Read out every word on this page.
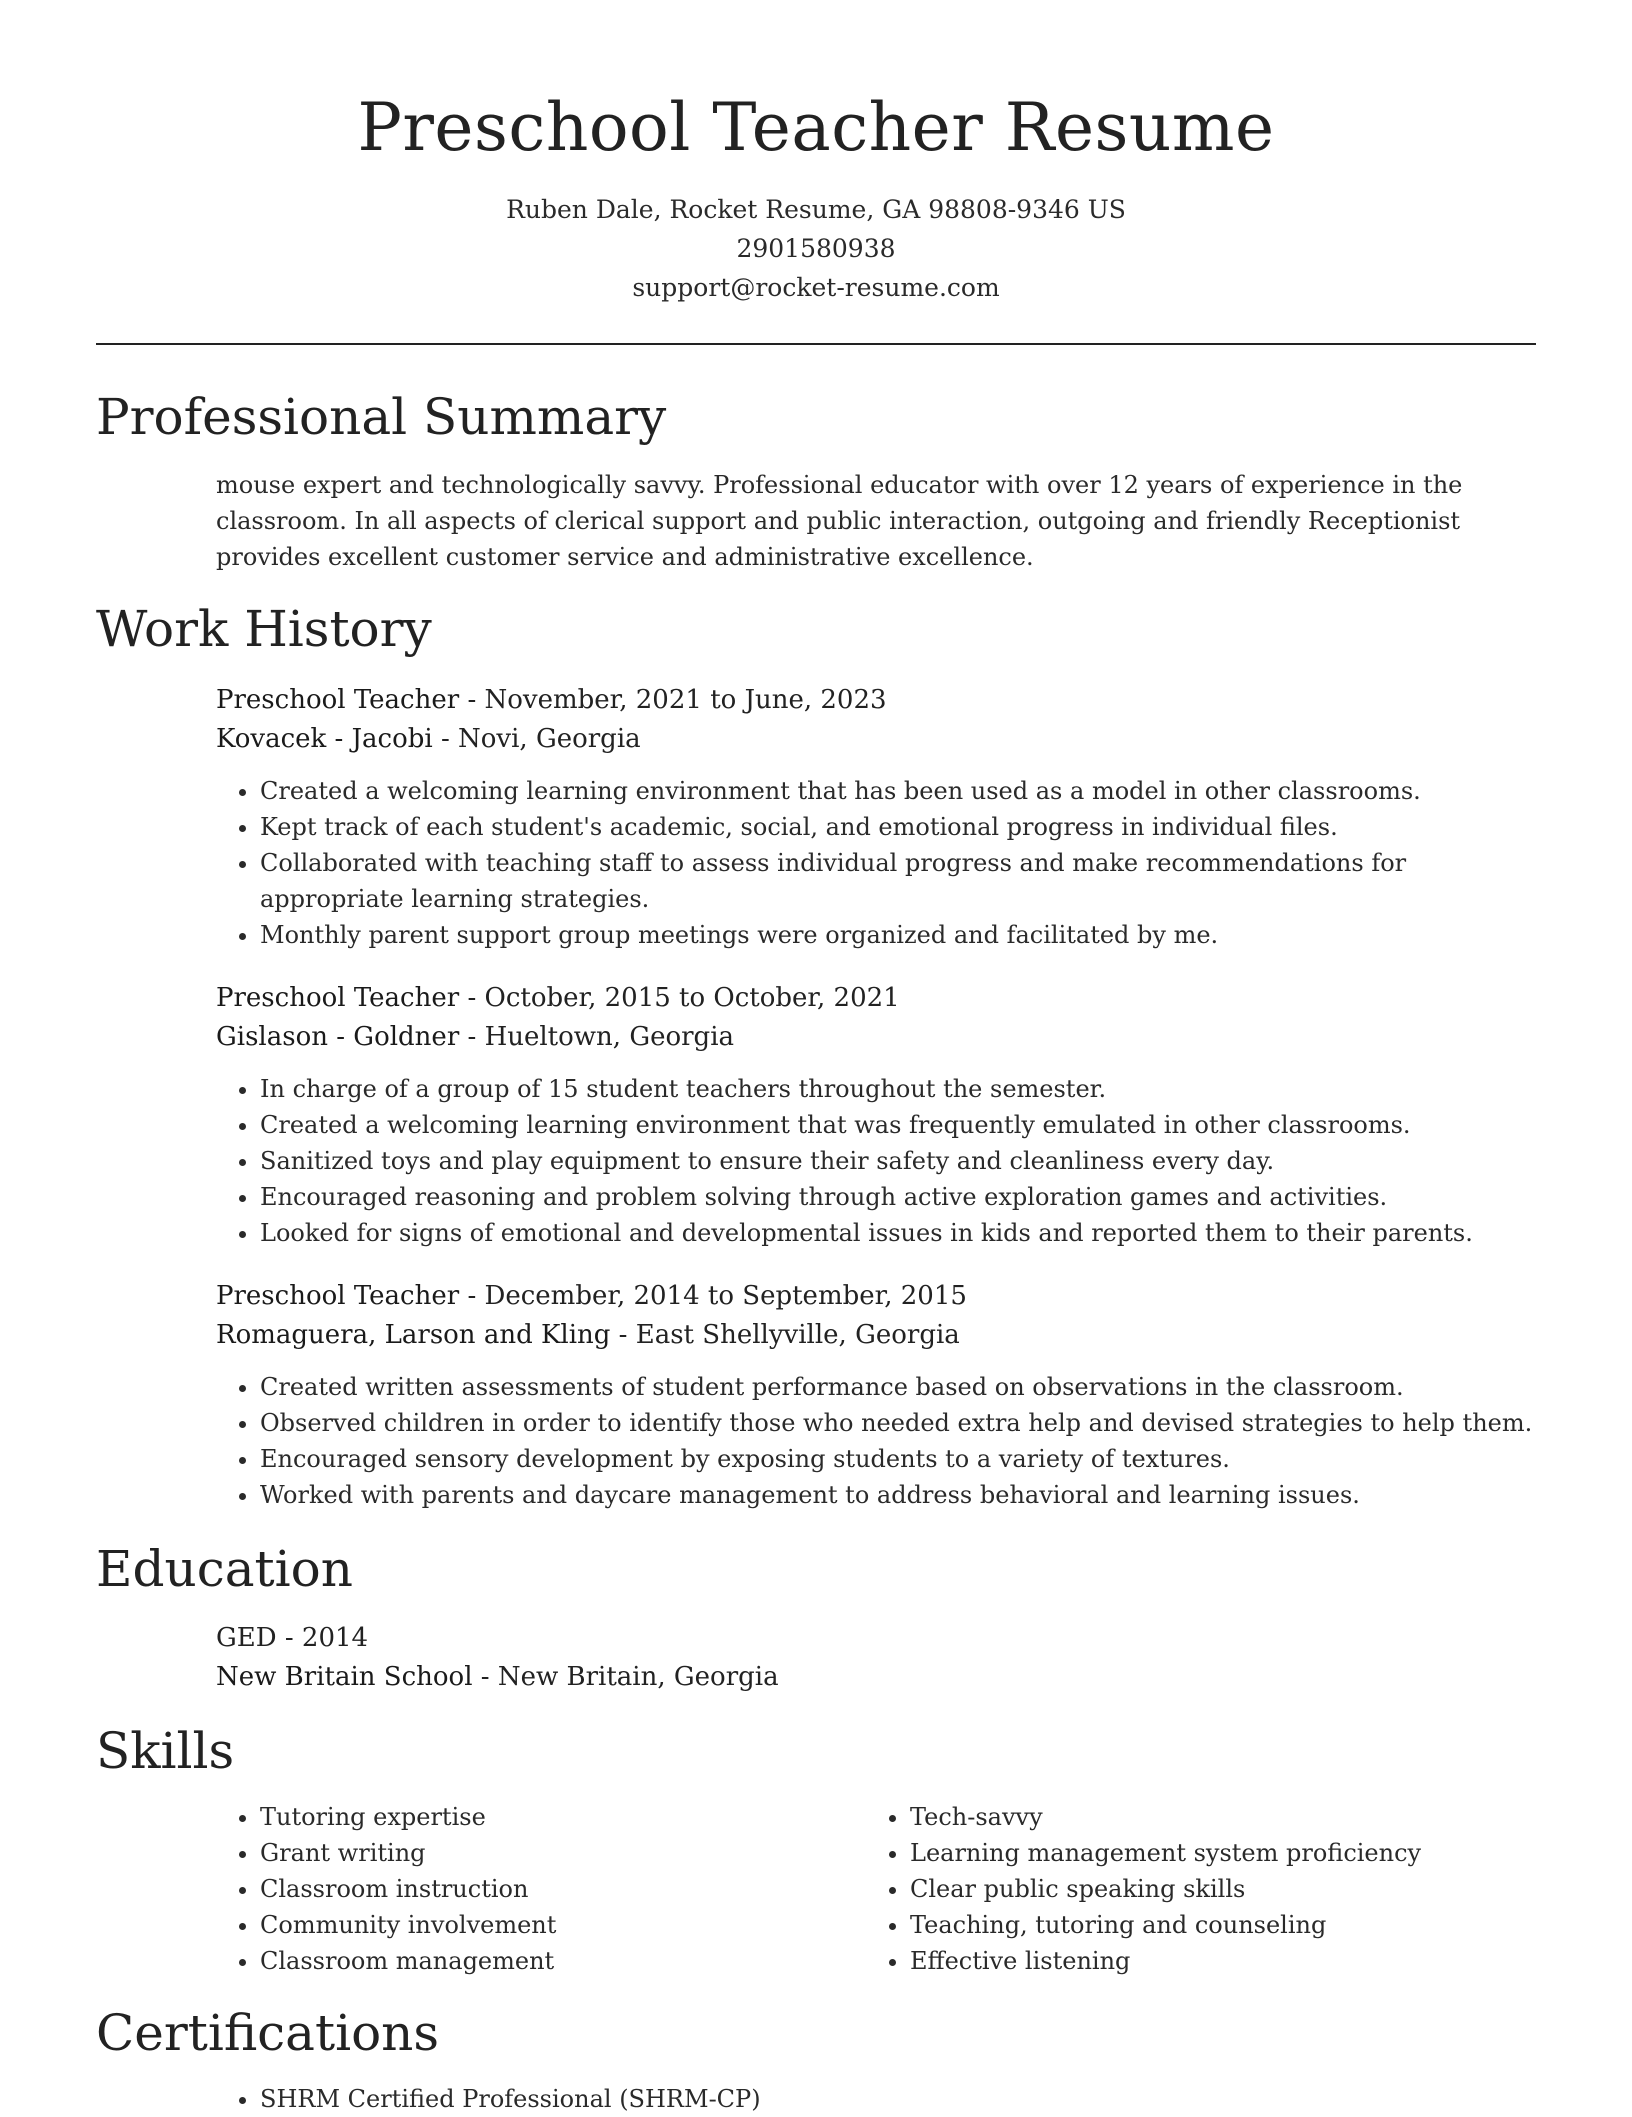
Preschool Teacher Resume
Ruben Dale, Rocket Resume, GA 98808-9346 US
2901580938
support@rocket-resume.com
Professional Summary

mouse expert and technologically savvy. Professional educator with over 12 years of experience in the classroom. In all aspects of clerical support and public interaction, outgoing and friendly Receptionist provides excellent customer service and administrative excellence.

Work History
Preschool Teacher - November, 2021 to June, 2023
Kovacek - Jacobi - Novi, Georgia
• Created a welcoming learning environment that has been used as a model in other classrooms.
• Kept track of each student's academic, social, and emotional progress in individual files.
• Collaborated with teaching staff to assess individual progress and make recommendations for appropriate learning strategies.
• Monthly parent support group meetings were organized and facilitated by me.
Preschool Teacher - October, 2015 to October, 2021
Gislason - Goldner - Hueltown, Georgia
• In charge of a group of 15 student teachers throughout the semester.
• Created a welcoming learning environment that was frequently emulated in other classrooms.
• Sanitized toys and play equipment to ensure their safety and cleanliness every day.
• Encouraged reasoning and problem solving through active exploration games and activities.
• Looked for signs of emotional and developmental issues in kids and reported them to their parents.
Preschool Teacher - December, 2014 to September, 2015
Romaguera, Larson and Kling - East Shellyville, Georgia
• Created written assessments of student performance based on observations in the classroom.
• Observed children in order to identify those who needed extra help and devised strategies to help them.
• Encouraged sensory development by exposing students to a variety of textures.
• Worked with parents and daycare management to address behavioral and learning issues.
Education
GED - 2014
New Britain School - New Britain, Georgia
Skills
• Tutoring expertise
• Grant writing
• Classroom instruction
• Community involvement
• Classroom management
• Tech-savvy
• Learning management system proficiency
• Clear public speaking skills
• Teaching, tutoring and counseling
• Effective listening
Certifications
• SHRM Certified Professional (SHRM-CP)
